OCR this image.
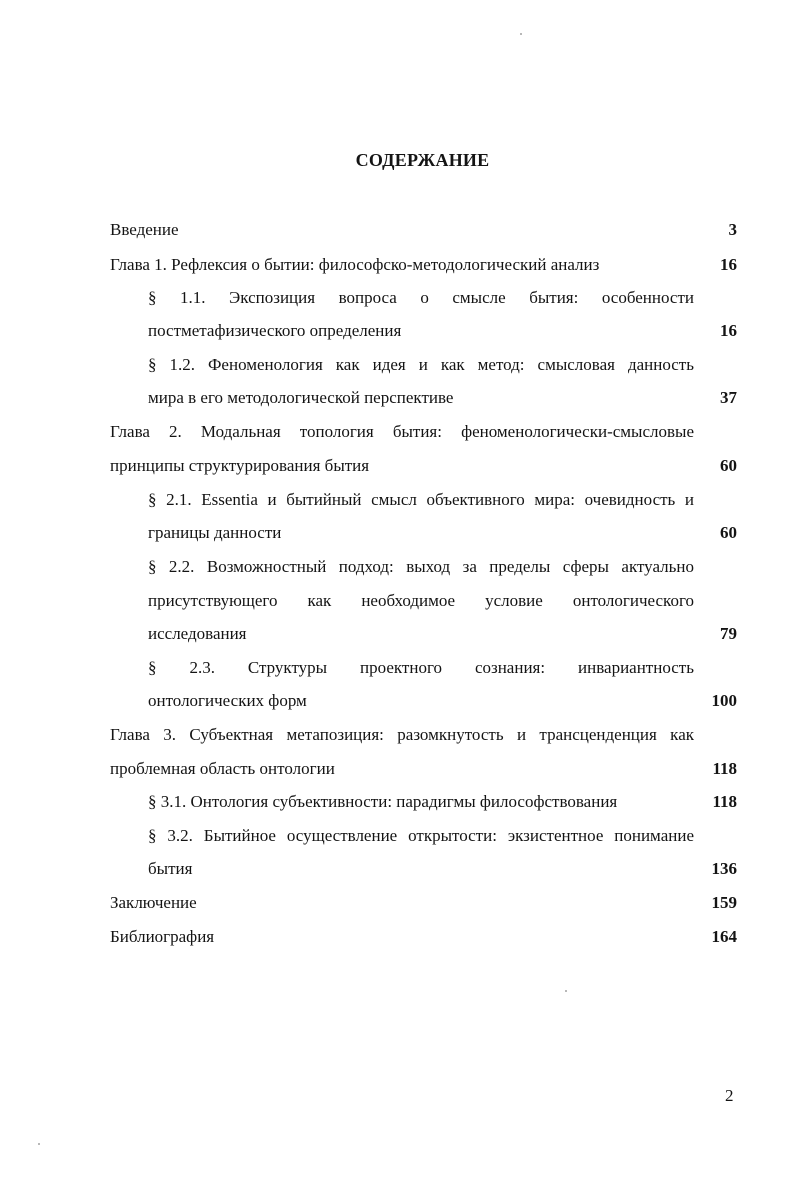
СОДЕРЖАНИЕ
Введение	3
Глава 1. Рефлексия о бытии: философско-методологический анализ	16
§ 1.1. Экспозиция вопроса о смысле бытия: особенности
постметафизического определения	16
§ 1.2. Феноменология как идея и как метод: смысловая данность
мира в его методологической перспективе	37
Глава 2. Модальная топология бытия: феноменологически-смысловые
принципы структурирования бытия	60
§ 2.1. Essentia и бытийный смысл объективного мира: очевидность и
границы данности	60
§ 2.2. Возможностный подход: выход за пределы сферы актуально
присутствующего как необходимое условие онтологического
исследования	79
§ 2.3. Структуры проектного сознания: инвариантность
онтологических форм	100
Глава 3. Субъектная метапозиция: разомкнутость и трансценденция как
проблемная область онтологии	118
§ 3.1. Онтология субъективности: парадигмы философствования	118
§ 3.2. Бытийное осуществление открытости: экзистентное понимание
бытия	136
Заключение	159
Библиография	164
2
